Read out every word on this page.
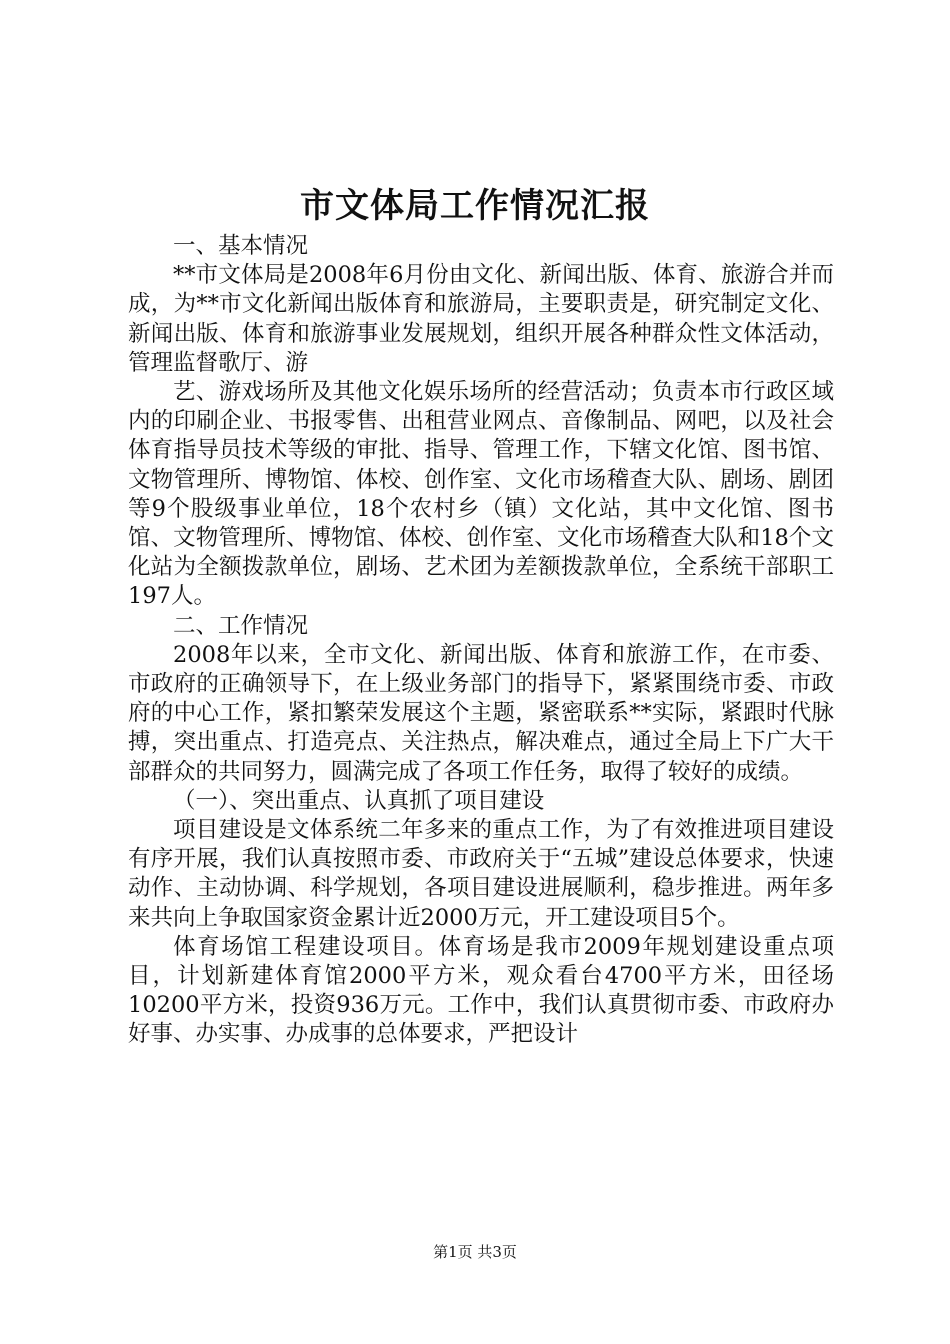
市文体局工作情况汇报

一、基本情况

**市文体局是2008年6月份由文化、新闻出版、体育、旅游合并而成，为**市文化新闻出版体育和旅游局，主要职责是，研究制定文化、新闻出版、体育和旅游事业发展规划，组织开展各种群众性文体活动，管理监督歌厅、游

艺、游戏场所及其他文化娱乐场所的经营活动；负责本市行政区域内的印刷企业、书报零售、出租营业网点、音像制品、网吧，以及社会体育指导员技术等级的审批、指导、管理工作，下辖文化馆、图书馆、文物管理所、博物馆、体校、创作室、文化市场稽查大队、剧场、剧团等9个股级事业单位，18个农村乡（镇）文化站，其中文化馆、图书馆、文物管理所、博物馆、体校、创作室、文化市场稽查大队和18个文化站为全额拨款单位，剧场、艺术团为差额拨款单位，全系统干部职工197人。

二、工作情况

2008年以来，全市文化、新闻出版、体育和旅游工作，在市委、市政府的正确领导下，在上级业务部门的指导下，紧紧围绕市委、市政府的中心工作，紧扣繁荣发展这个主题，紧密联系**实际，紧跟时代脉搏，突出重点、打造亮点、关注热点，解决难点，通过全局上下广大干部群众的共同努力，圆满完成了各项工作任务，取得了较好的成绩。

（一）、突出重点、认真抓了项目建设

项目建设是文体系统二年多来的重点工作，为了有效推进项目建设有序开展，我们认真按照市委、市政府关于“五城”建设总体要求，快速动作、主动协调、科学规划，各项目建设进展顺利，稳步推进。两年多来共向上争取国家资金累计近2000万元，开工建设项目5个。

体育场馆工程建设项目。体育场是我市2009年规划建设重点项目，计划新建体育馆2000平方米，观众看台4700平方米，田径场10200平方米，投资936万元。工作中，我们认真贯彻市委、市政府办好事、办实事、办成事的总体要求，严把设计

第1页 共3页
